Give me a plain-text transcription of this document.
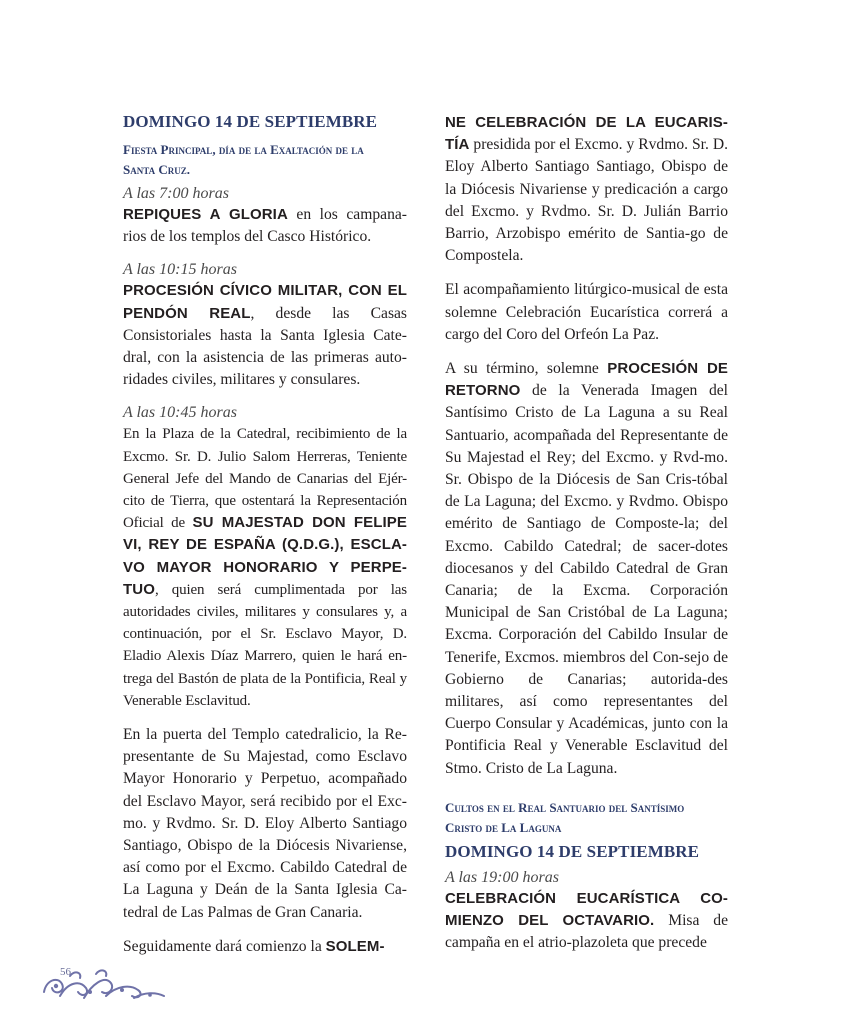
DOMINGO 14 DE SEPTIEMBRE
Fiesta Principal, día de la Exaltación de la
Santa Cruz.
A las 7:00 horas

REPIQUES A GLORIA en los campana-rios de los templos del Casco Histórico.

A las 10:15 horas

PROCESIÓN CÍVICO MILITAR, CON EL PENDÓN REAL, desde las Casas Consistoriales hasta la Santa Iglesia Cate-dral, con la asistencia de las primeras auto-ridades civiles, militares y consulares.

A las 10:45 horas

En la Plaza de la Catedral, recibimiento de la Excmo. Sr. D. Julio Salom Herreras, Teniente General Jefe del Mando de Canarias del Ejér-cito de Tierra, que ostentará la Representación Oficial de SU MAJESTAD DON FELIPE VI, REY DE ESPAÑA (Q.D.G.), ESCLA-VO MAYOR HONORARIO Y PERPE-TUO, quien será cumplimentada por las autoridades civiles, militares y consulares y, a continuación, por el Sr. Esclavo Mayor, D. Eladio Alexis Díaz Marrero, quien le hará en-trega del Bastón de plata de la Pontificia, Real y Venerable Esclavitud.

En la puerta del Templo catedralicio, la Re-presentante de Su Majestad, como Esclavo Mayor Honorario y Perpetuo, acompañado del Esclavo Mayor, será recibido por el Exc-mo. y Rvdmo. Sr. D. Eloy Alberto Santiago Santiago, Obispo de la Diócesis Nivariense, así como por el Excmo. Cabildo Catedral de La Laguna y Deán de la Santa Iglesia Ca-tedral de Las Palmas de Gran Canaria.

Seguidamente dará comienzo la SOLEM-

NE CELEBRACIÓN DE LA EUCARIS-TÍA presidida por el Excmo. y Rvdmo. Sr. D. Eloy Alberto Santiago Santiago, Obispo de la Diócesis Nivariense y predicación a cargo del Excmo. y Rvdmo. Sr. D. Julián Barrio Barrio, Arzobispo emérito de Santia-go de Compostela.

El acompañamiento litúrgico-musical de esta solemne Celebración Eucarística correrá a cargo del Coro del Orfeón La Paz.

A su término, solemne PROCESIÓN DE RETORNO de la Venerada Imagen del Santísimo Cristo de La Laguna a su Real Santuario, acompañada del Representante de Su Majestad el Rey; del Excmo. y Rvd-mo. Sr. Obispo de la Diócesis de San Cris-tóbal de La Laguna; del Excmo. y Rvdmo. Obispo emérito de Santiago de Composte-la; del Excmo. Cabildo Catedral; de sacer-dotes diocesanos y del Cabildo Catedral de Gran Canaria; de la Excma. Corporación Municipal de San Cristóbal de La Laguna; Excma. Corporación del Cabildo Insular de Tenerife, Excmos. miembros del Con-sejo de Gobierno de Canarias; autorida-des militares, así como representantes del Cuerpo Consular y Académicas, junto con la Pontificia Real y Venerable Esclavitud del Stmo. Cristo de La Laguna.

Cultos en el Real Santuario del Santísimo
Cristo de La Laguna
DOMINGO 14 DE SEPTIEMBRE
A las 19:00 horas

CELEBRACIÓN EUCARÍSTICA CO-MIENZO DEL OCTAVARIO. Misa de campaña en el atrio-plazoleta que precede

56
